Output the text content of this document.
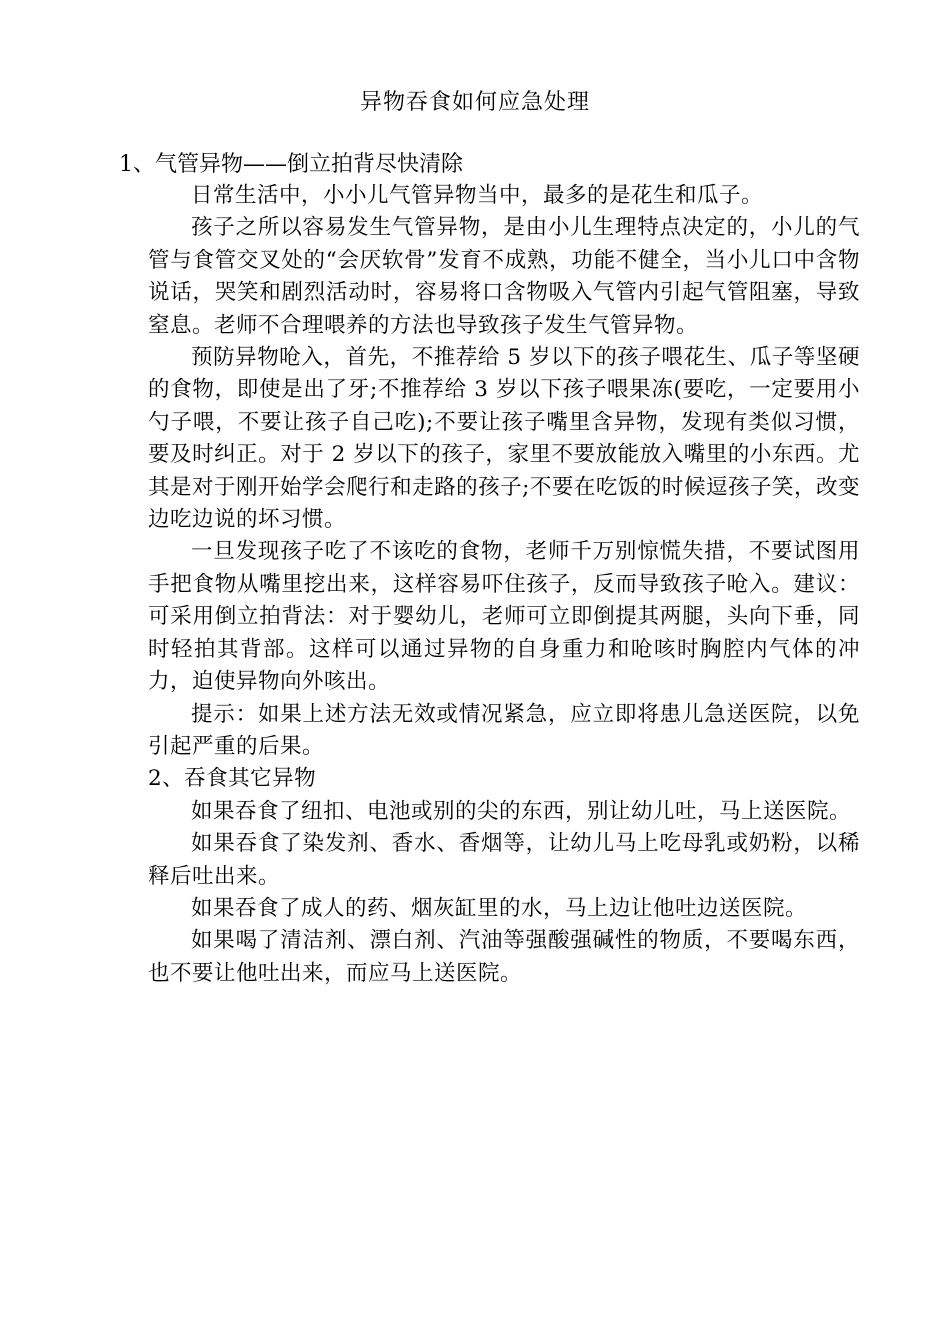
异物吞食如何应急处理
1、气管异物——倒立拍背尽快清除

日常生活中，小小儿气管异物当中，最多的是花生和瓜子。

孩子之所以容易发生气管异物，是由小儿生理特点决定的，小儿的气管与食管交叉处的“会厌软骨”发育不成熟，功能不健全，当小儿口中含物说话，哭笑和剧烈活动时，容易将口含物吸入气管内引起气管阻塞，导致窒息。老师不合理喂养的方法也导致孩子发生气管异物。

预防异物呛入，首先，不推荐给 5 岁以下的孩子喂花生、瓜子等坚硬的食物，即使是出了牙;不推荐给 3 岁以下孩子喂果冻(要吃，一定要用小勺子喂，不要让孩子自己吃);不要让孩子嘴里含异物，发现有类似习惯，要及时纠正。对于 2 岁以下的孩子，家里不要放能放入嘴里的小东西。尤其是对于刚开始学会爬行和走路的孩子;不要在吃饭的时候逗孩子笑，改变边吃边说的坏习惯。

一旦发现孩子吃了不该吃的食物，老师千万别惊慌失措，不要试图用手把食物从嘴里挖出来，这样容易吓住孩子，反而导致孩子呛入。建议：可采用倒立拍背法：对于婴幼儿，老师可立即倒提其两腿，头向下垂，同时轻拍其背部。这样可以通过异物的自身重力和呛咳时胸腔内气体的冲力，迫使异物向外咳出。

提示：如果上述方法无效或情况紧急，应立即将患儿急送医院，以免引起严重的后果。

2、吞食其它异物

如果吞食了纽扣、电池或别的尖的东西，别让幼儿吐，马上送医院。

如果吞食了染发剂、香水、香烟等，让幼儿马上吃母乳或奶粉，以稀释后吐出来。

如果吞食了成人的药、烟灰缸里的水，马上边让他吐边送医院。

如果喝了清洁剂、漂白剂、汽油等强酸强碱性的物质，不要喝东西，也不要让他吐出来，而应马上送医院。
